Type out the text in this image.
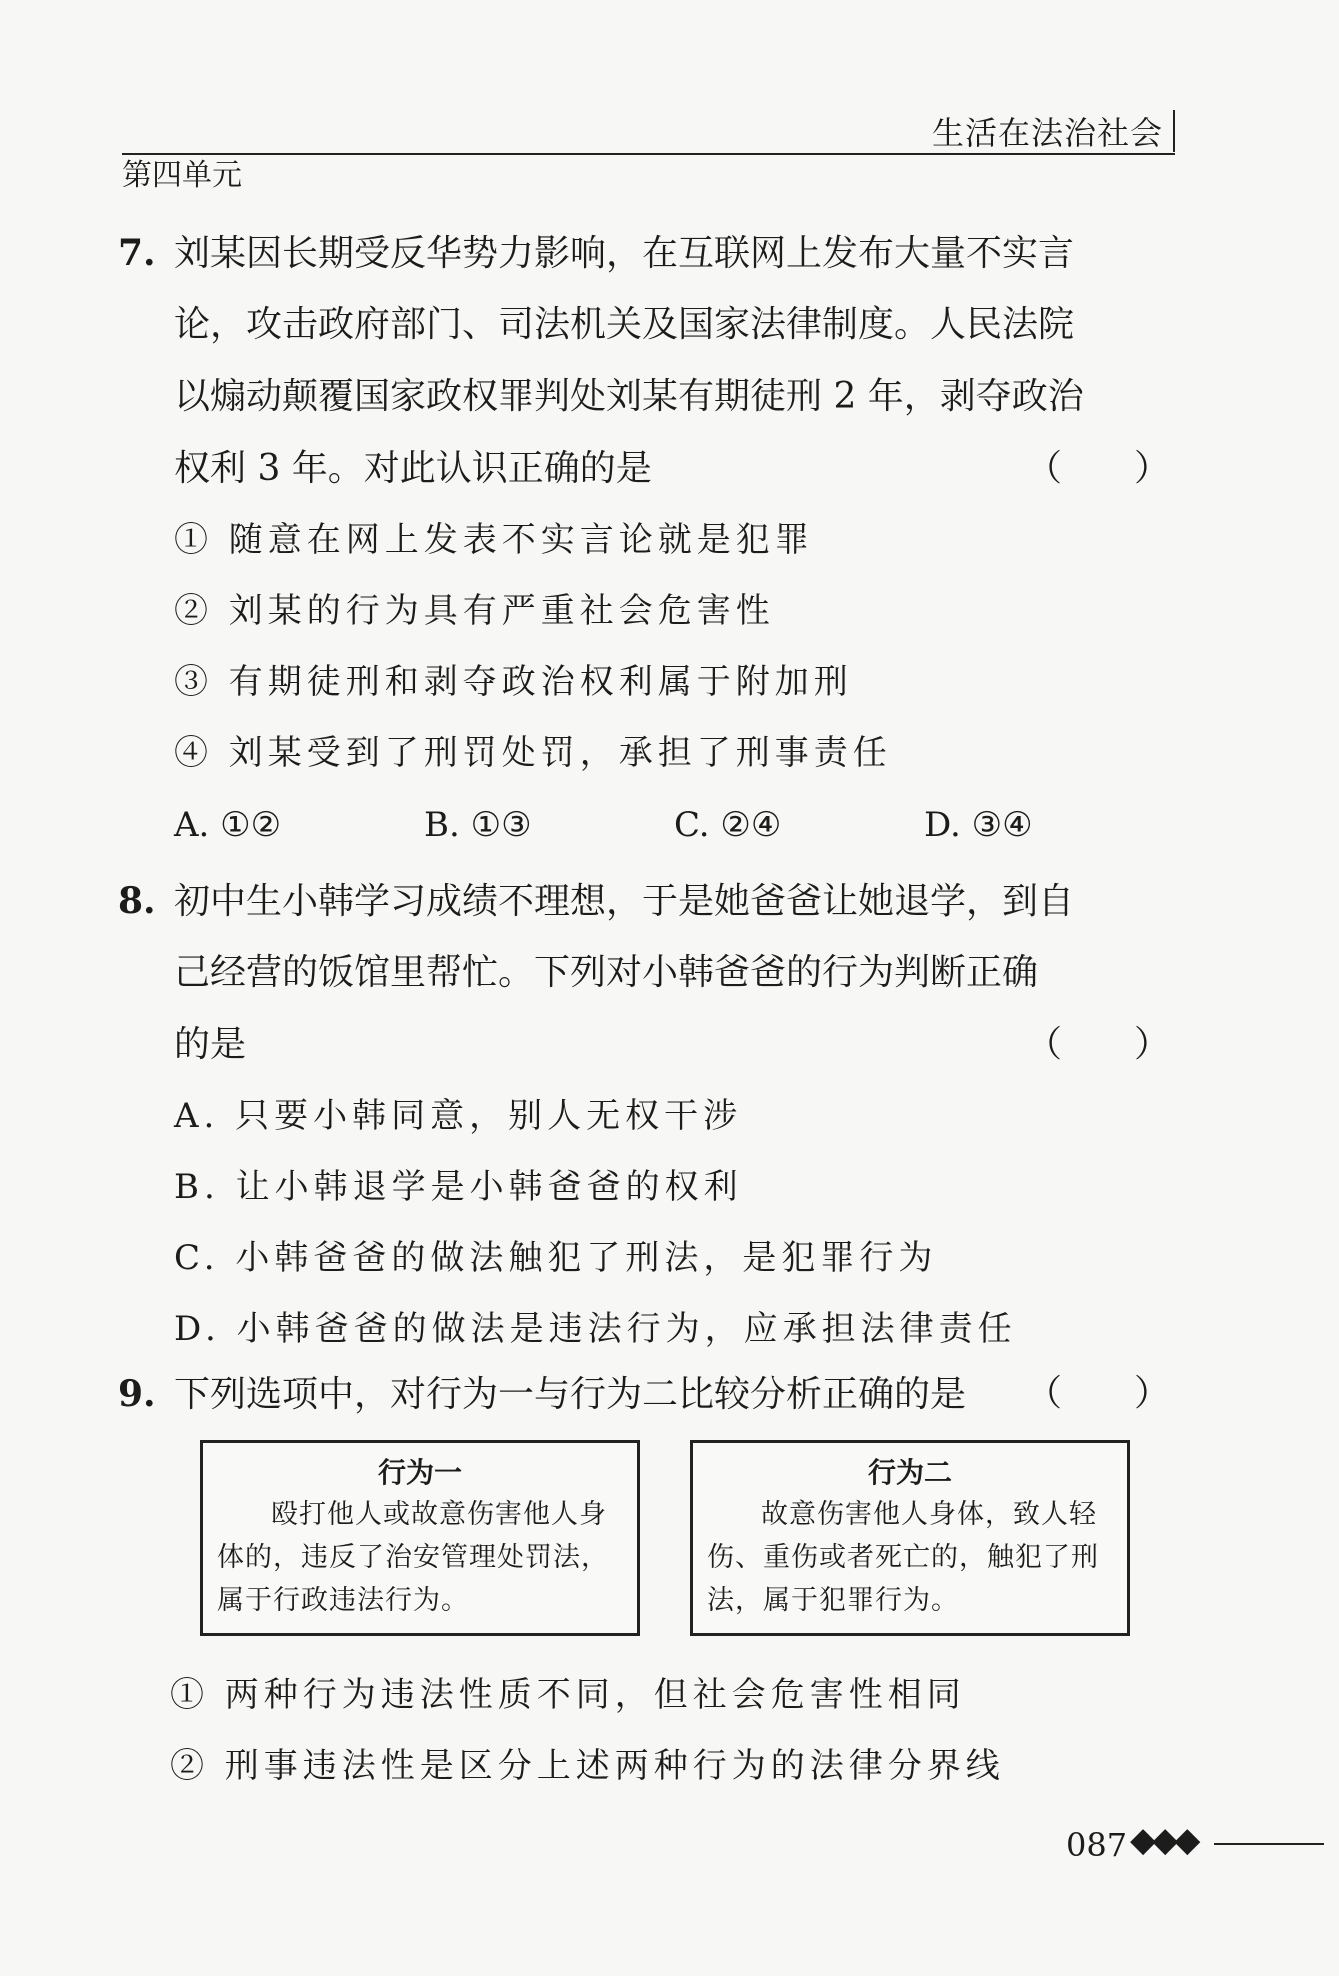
生活在法治社会
第四单元
7. 刘某因长期受反华势力影响，在互联网上发布大量不实言
论，攻击政府部门、司法机关及国家法律制度。人民法院
以煽动颠覆国家政权罪判处刘某有期徒刑 2 年，剥夺政治
权利 3 年。对此认识正确的是	（　　）
① 随意在网上发表不实言论就是犯罪
② 刘某的行为具有严重社会危害性
③ 有期徒刑和剥夺政治权利属于附加刑
④ 刘某受到了刑罚处罚，承担了刑事责任
A. ①②	B. ①③	C. ②④	D. ③④
8. 初中生小韩学习成绩不理想，于是她爸爸让她退学，到自
己经营的饭馆里帮忙。下列对小韩爸爸的行为判断正确
的是	（　　）
A. 只要小韩同意，别人无权干涉
B. 让小韩退学是小韩爸爸的权利
C. 小韩爸爸的做法触犯了刑法，是犯罪行为
D. 小韩爸爸的做法是违法行为，应承担法律责任
9. 下列选项中，对行为一与行为二比较分析正确的是 （　　）
行为一
殴打他人或故意伤害他人身体的，违反了治安管理处罚法，属于行政违法行为。
行为二
故意伤害他人身体，致人轻伤、重伤或者死亡的，触犯了刑法，属于犯罪行为。
① 两种行为违法性质不同，但社会危害性相同
② 刑事违法性是区分上述两种行为的法律分界线
087 ◆◆◆
